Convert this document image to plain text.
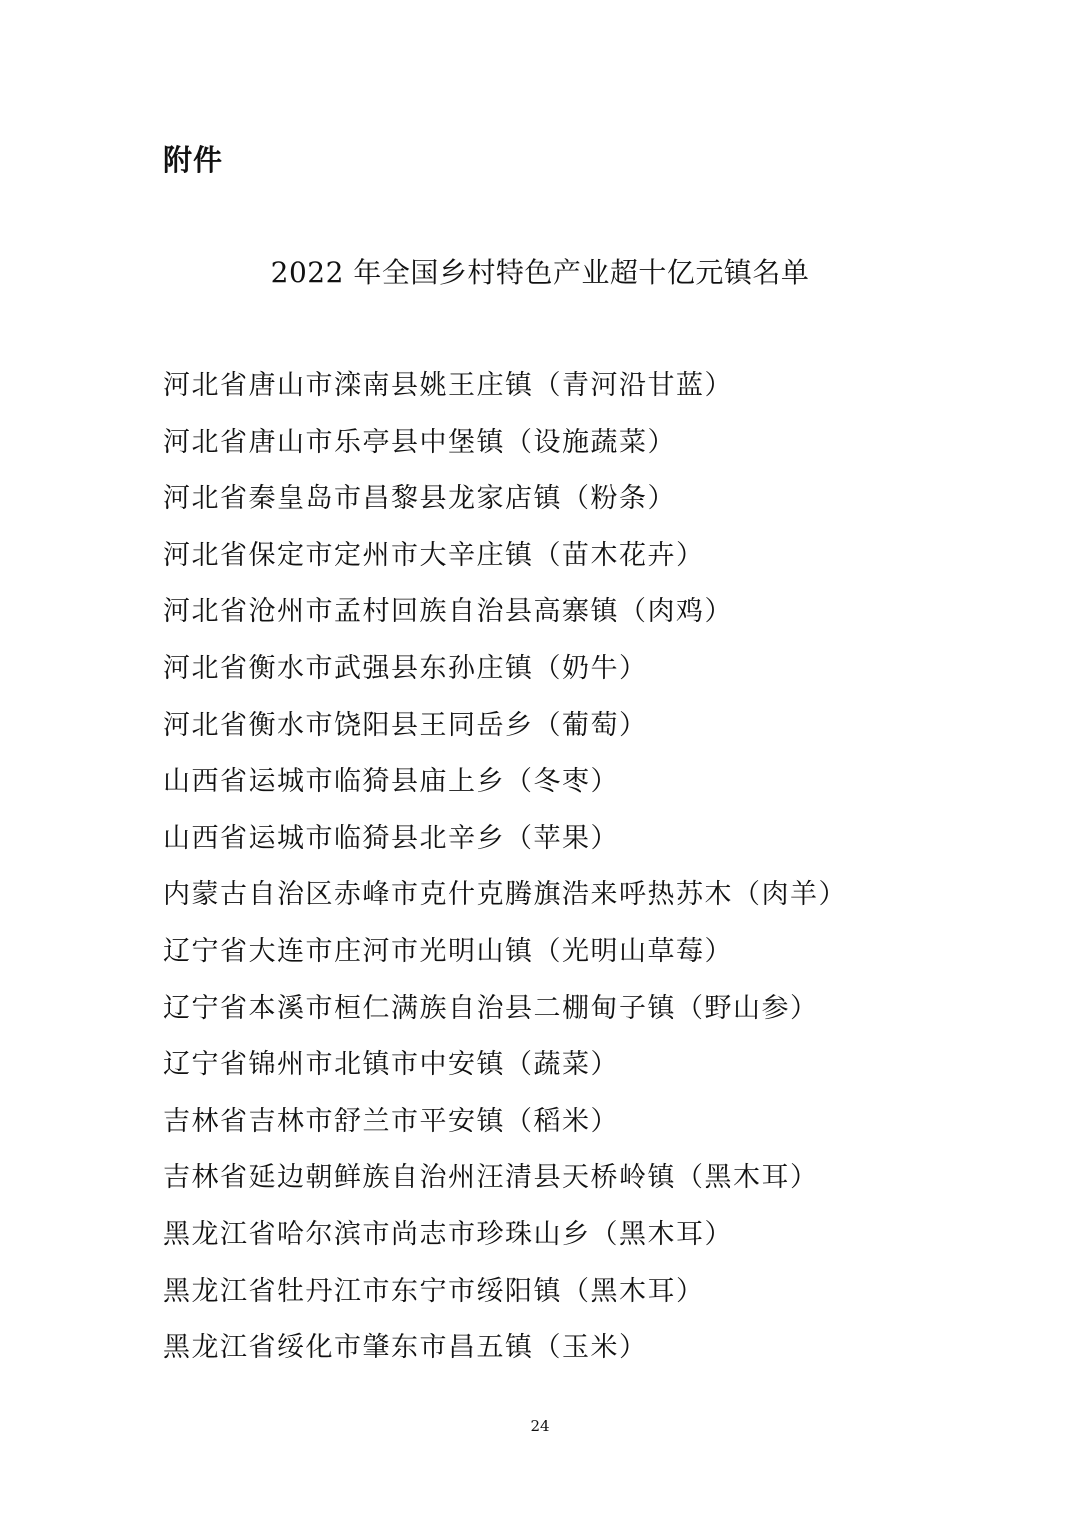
附件
2022 年全国乡村特色产业超十亿元镇名单
河北省唐山市滦南县姚王庄镇（青河沿甘蓝）
河北省唐山市乐亭县中堡镇（设施蔬菜）
河北省秦皇岛市昌黎县龙家店镇（粉条）
河北省保定市定州市大辛庄镇（苗木花卉）
河北省沧州市孟村回族自治县高寨镇（肉鸡）
河北省衡水市武强县东孙庄镇（奶牛）
河北省衡水市饶阳县王同岳乡（葡萄）
山西省运城市临猗县庙上乡（冬枣）
山西省运城市临猗县北辛乡（苹果）
内蒙古自治区赤峰市克什克腾旗浩来呼热苏木（肉羊）
辽宁省大连市庄河市光明山镇（光明山草莓）
辽宁省本溪市桓仁满族自治县二棚甸子镇（野山参）
辽宁省锦州市北镇市中安镇（蔬菜）
吉林省吉林市舒兰市平安镇（稻米）
吉林省延边朝鲜族自治州汪清县天桥岭镇（黑木耳）
黑龙江省哈尔滨市尚志市珍珠山乡（黑木耳）
黑龙江省牡丹江市东宁市绥阳镇（黑木耳）
黑龙江省绥化市肇东市昌五镇（玉米）
24
